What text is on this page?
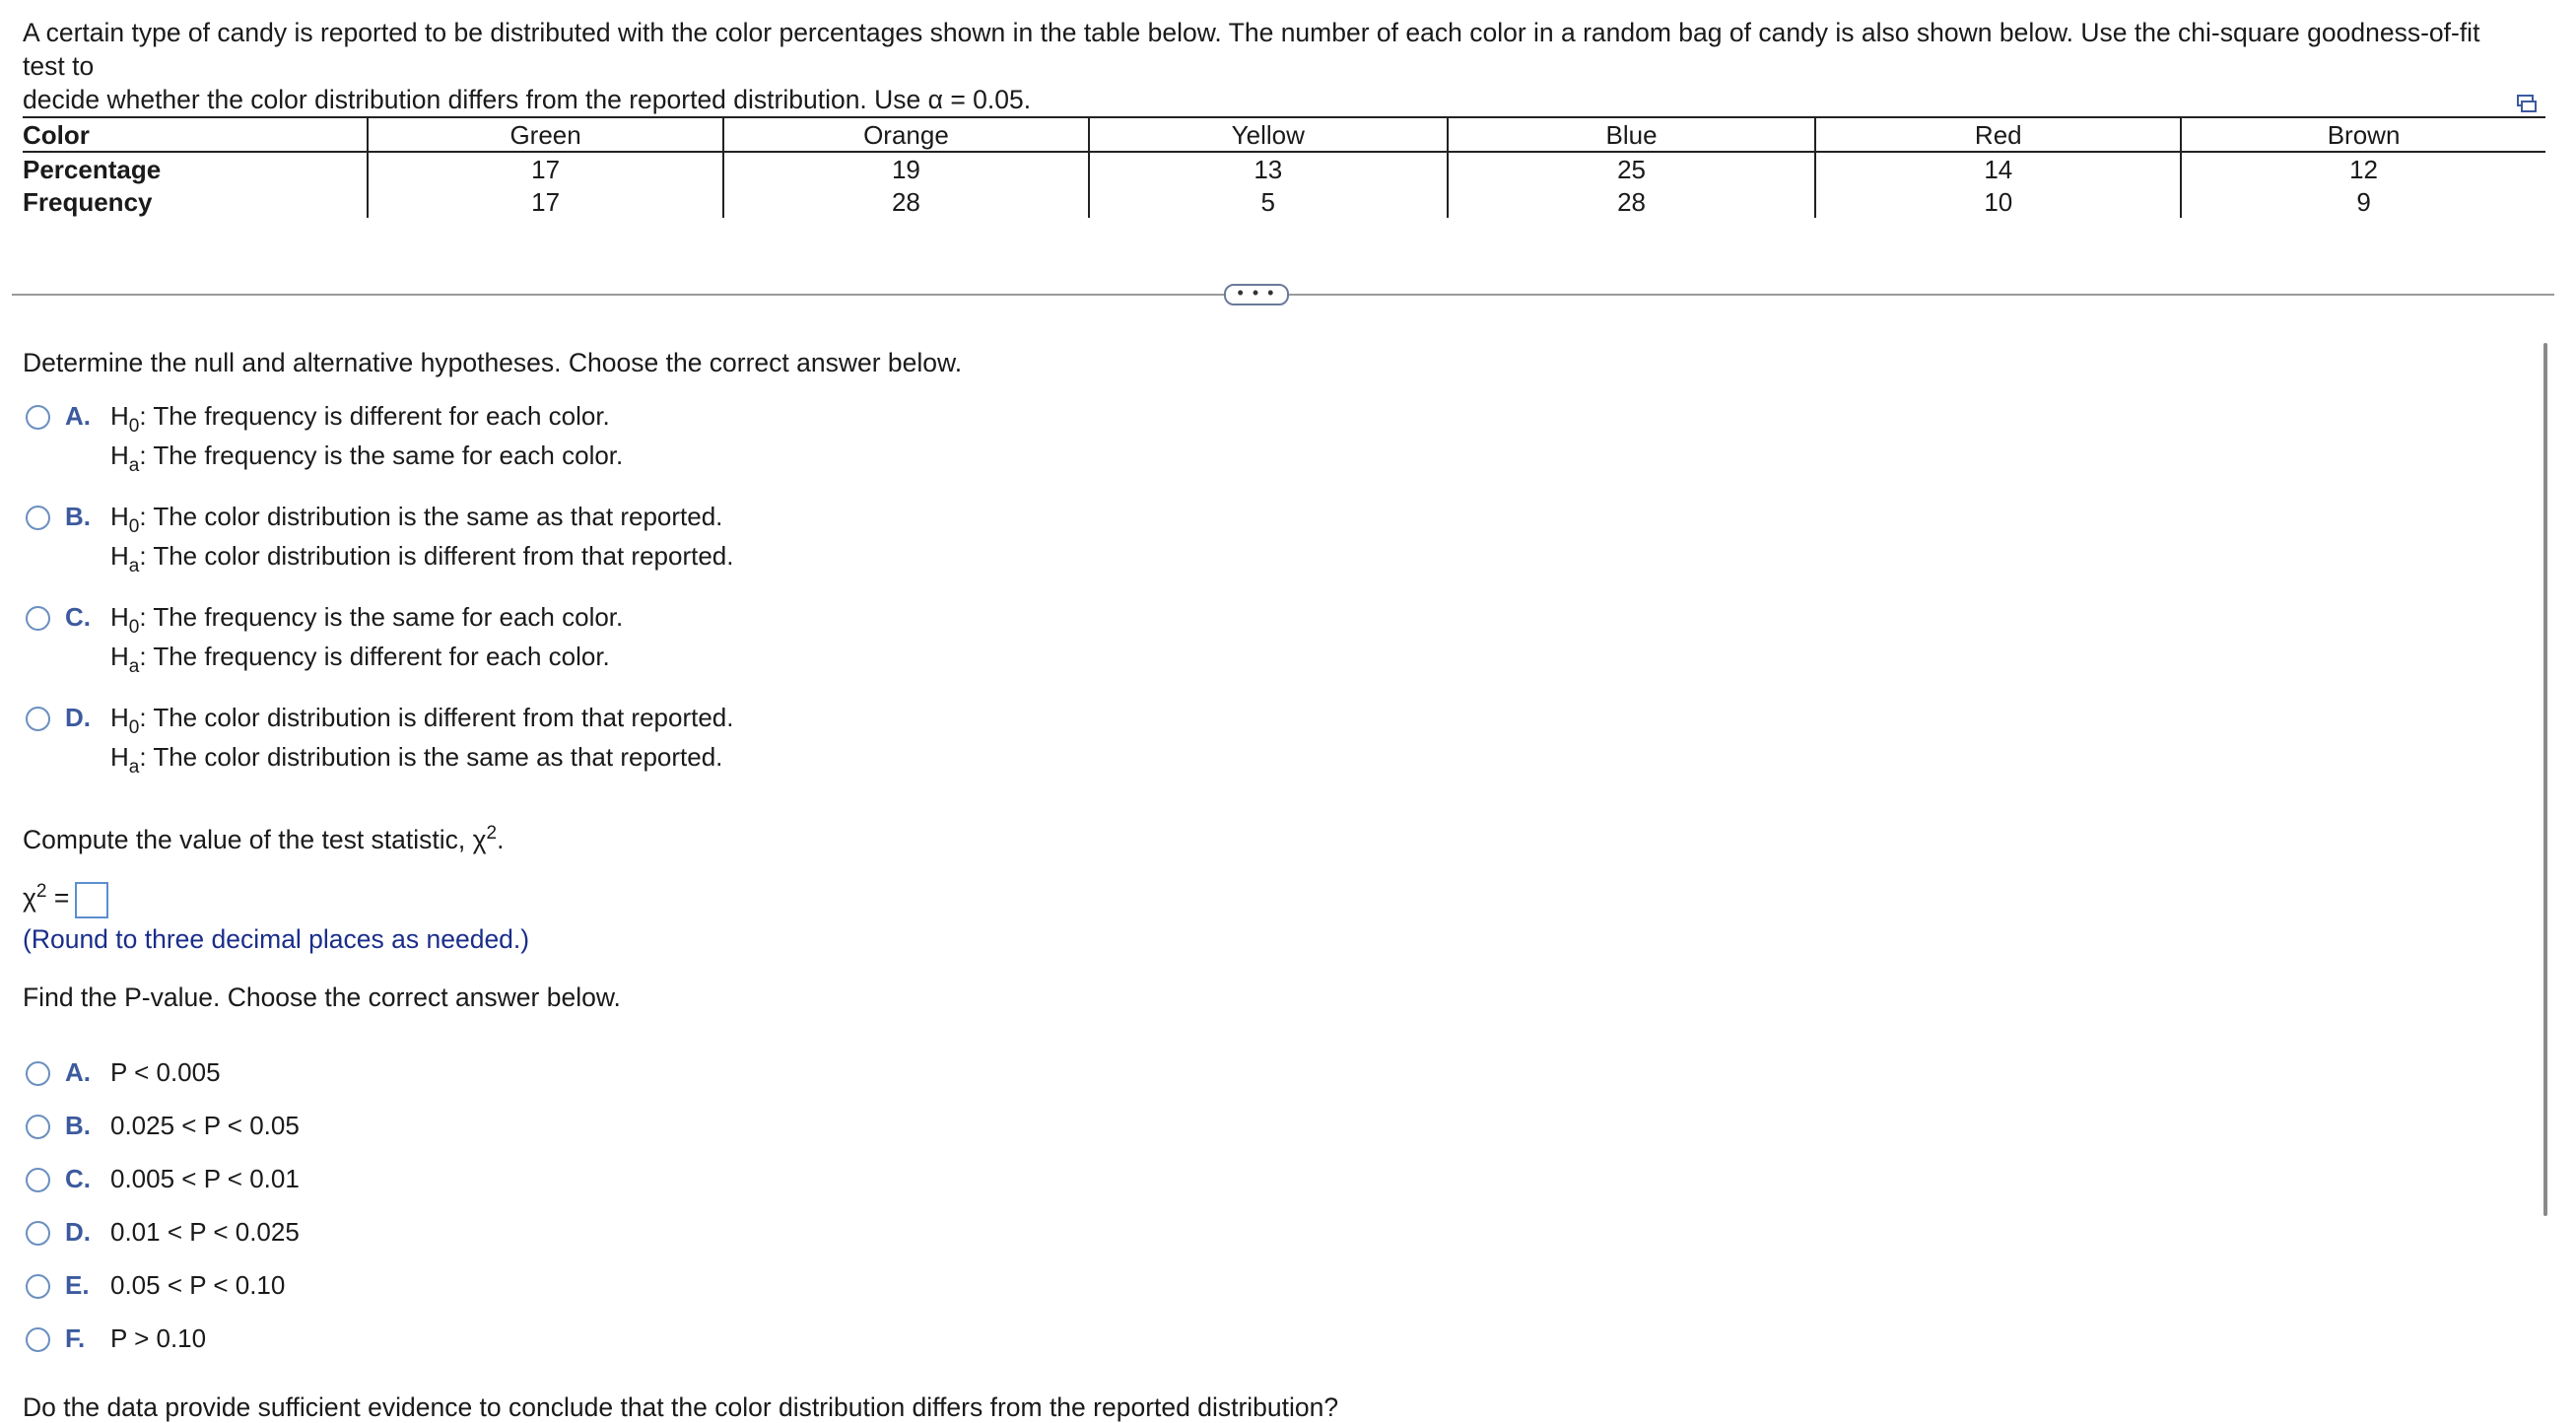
A certain type of candy is reported to be distributed with the color percentages shown in the table below. The number of each color in a random bag of candy is also shown below. Use the chi-square goodness-of-fit test to
decide whether the color distribution differs from the reported distribution. Use α = 0.05.
Color	Green	Orange	Yellow	Blue	Red	Brown
Percentage	17	19	13	25	14	12
Frequency	17	28	5	28	10	9
• • •
Determine the null and alternative hypotheses. Choose the correct answer below.
A. $H_0$: The frequency is different for each color.
$H_a$: The frequency is the same for each color.
B. $H_0$: The color distribution is the same as that reported.
$H_a$: The color distribution is different from that reported.
C. $H_0$: The frequency is the same for each color.
$H_a$: The frequency is different for each color.
D. $H_0$: The color distribution is different from that reported.
$H_a$: The color distribution is the same as that reported.
Compute the value of the test statistic, $\chi^2$.
$\chi^2$ =
(Round to three decimal places as needed.)
Find the P-value. Choose the correct answer below.
A. P < 0.005
B. 0.025 < P < 0.05
C. 0.005 < P < 0.01
D. 0.01 < P < 0.025
E. 0.05 < P < 0.10
F. P > 0.10
Do the data provide sufficient evidence to conclude that the color distribution differs from the reported distribution?
